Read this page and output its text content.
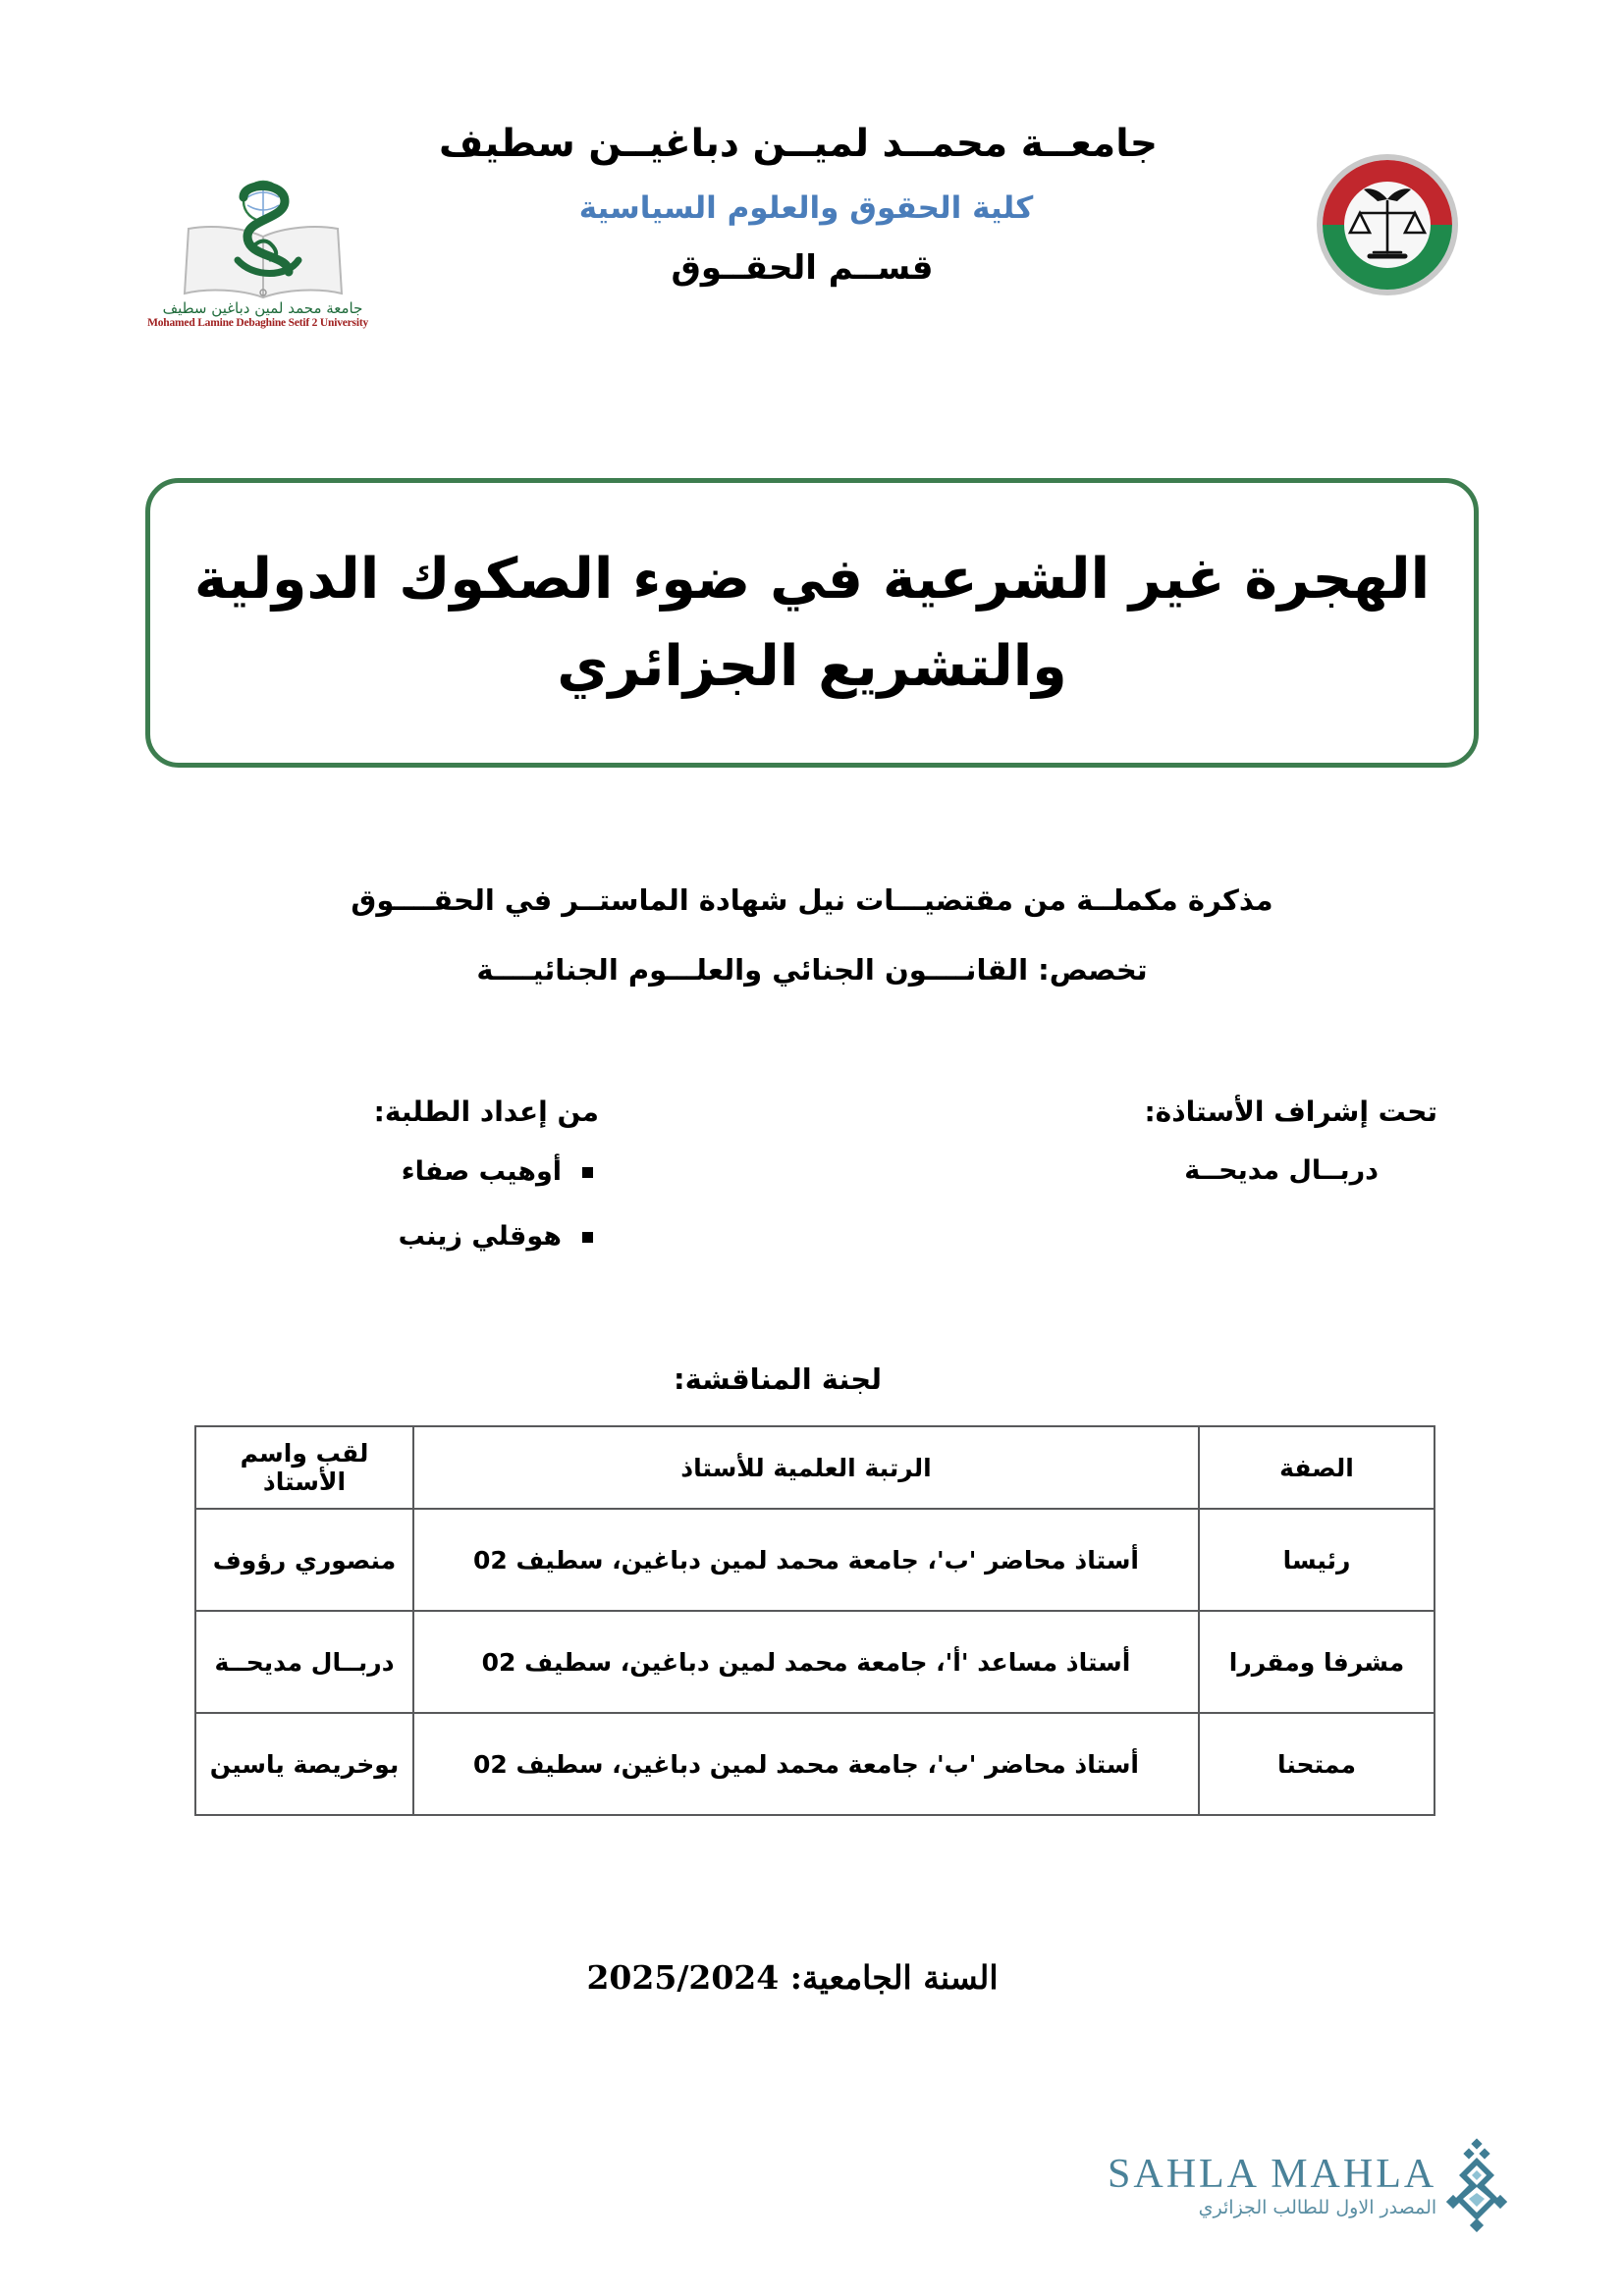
جامعــة محمــد لميــن دباغيــن سطيف
كلية الحقوق والعلوم السياسية
قســم الحقــوق
جامعة محمد لمين دباغين سطيف
Mohamed Lamine Debaghine Setif 2 University
الهجرة غير الشرعية في ضوء الصكوك الدولية والتشريع الجزائري
مذكرة مكملــة من مقتضيـــات نيل شهادة الماستــر في الحقــــوق
تخصص: القانــــون الجنائي والعلـــوم الجنائيــــة
تحت إشراف الأستاذة:
دربــال مديحــة
من إعداد الطلبة:
أوهيب صفاء
هوقلي زينب
لجنة المناقشة:
الصفة	الرتبة العلمية للأستاذ	لقب واسم الأستاذ
رئيسا	أستاذ محاضر 'ب'، جامعة محمد لمين دباغين، سطيف 02	منصوري رؤوف
مشرفا ومقررا	أستاذ مساعد 'أ'، جامعة محمد لمين دباغين، سطيف 02	دربــال مديحــة
ممتحنا	أستاذ محاضر 'ب'، جامعة محمد لمين دباغين، سطيف 02	بوخريصة ياسين
السنة الجامعية: 2025/2024
SAHLA MAHLA
المصدر الاول للطالب الجزائري
